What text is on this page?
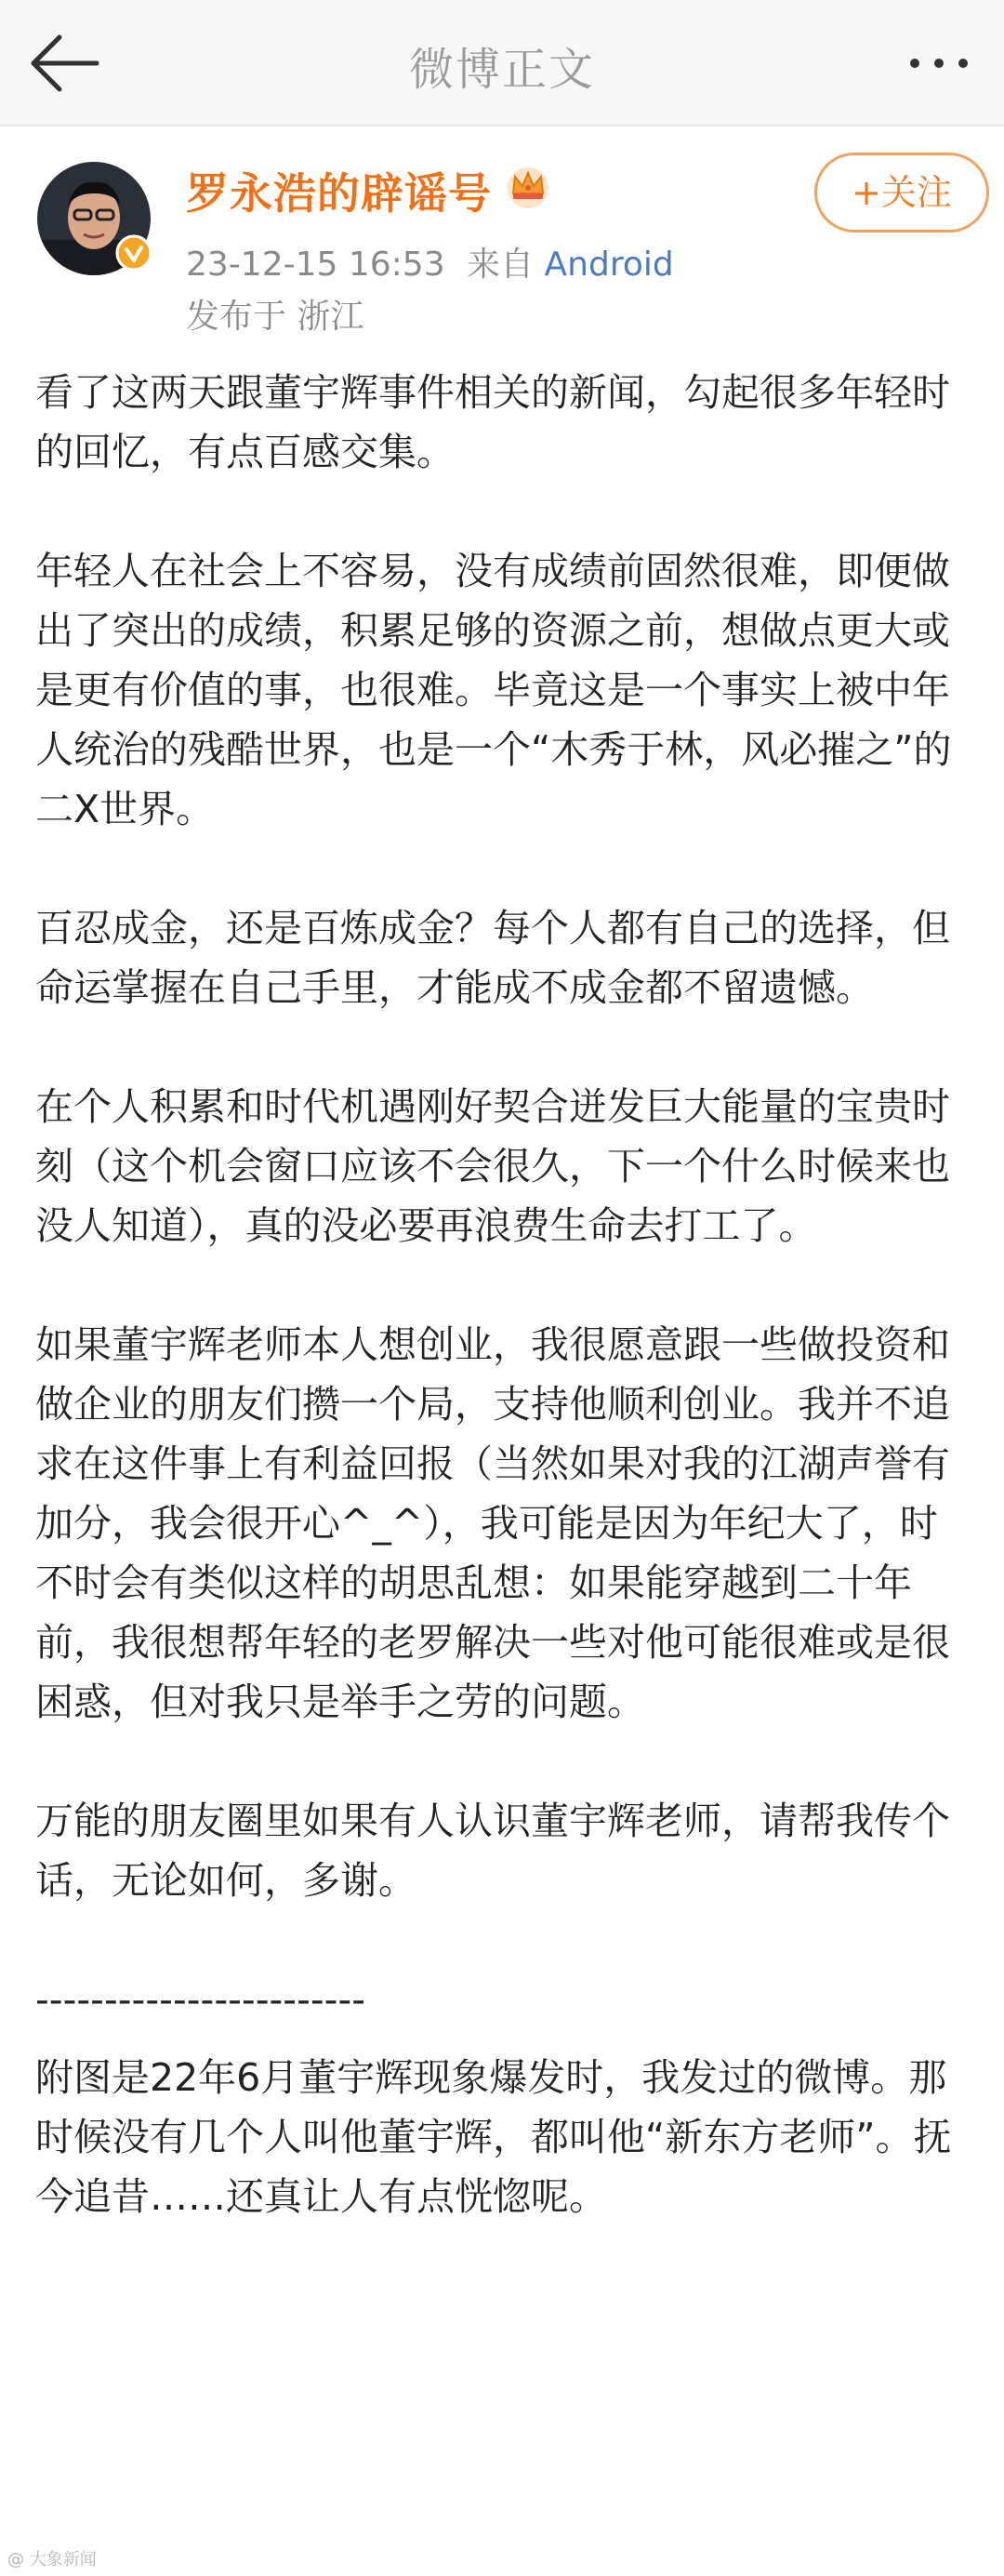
微博正文
罗永浩的辟谣号	+关注
23-12-15 16:53 来自 Android
发布于 浙江

看了这两天跟董宇辉事件相关的新闻，勾起很多年轻时的回忆，有点百感交集。

年轻人在社会上不容易，没有成绩前固然很难，即便做出了突出的成绩，积累足够的资源之前，想做点更大或是更有价值的事，也很难。毕竟这是一个事实上被中年人统治的残酷世界，也是一个“木秀于林，风必摧之”的二X世界。

百忍成金，还是百炼成金？每个人都有自己的选择，但命运掌握在自己手里，才能成不成金都不留遗憾。

在个人积累和时代机遇刚好契合迸发巨大能量的宝贵时刻（这个机会窗口应该不会很久，下一个什么时候来也没人知道），真的没必要再浪费生命去打工了。

如果董宇辉老师本人想创业，我很愿意跟一些做投资和做企业的朋友们攒一个局，支持他顺利创业。我并不追求在这件事上有利益回报（当然如果对我的江湖声誉有加分，我会很开心^_^），我可能是因为年纪大了，时不时会有类似这样的胡思乱想：如果能穿越到二十年前，我很想帮年轻的老罗解决一些对他可能很难或是很困惑，但对我只是举手之劳的问题。

万能的朋友圈里如果有人认识董宇辉老师，请帮我传个话，无论如何，多谢。

------------------------

附图是22年6月董宇辉现象爆发时，我发过的微博。那时候没有几个人叫他董宇辉，都叫他“新东方老师”。抚今追昔……还真让人有点恍惚呢。

@ 大象新闻
